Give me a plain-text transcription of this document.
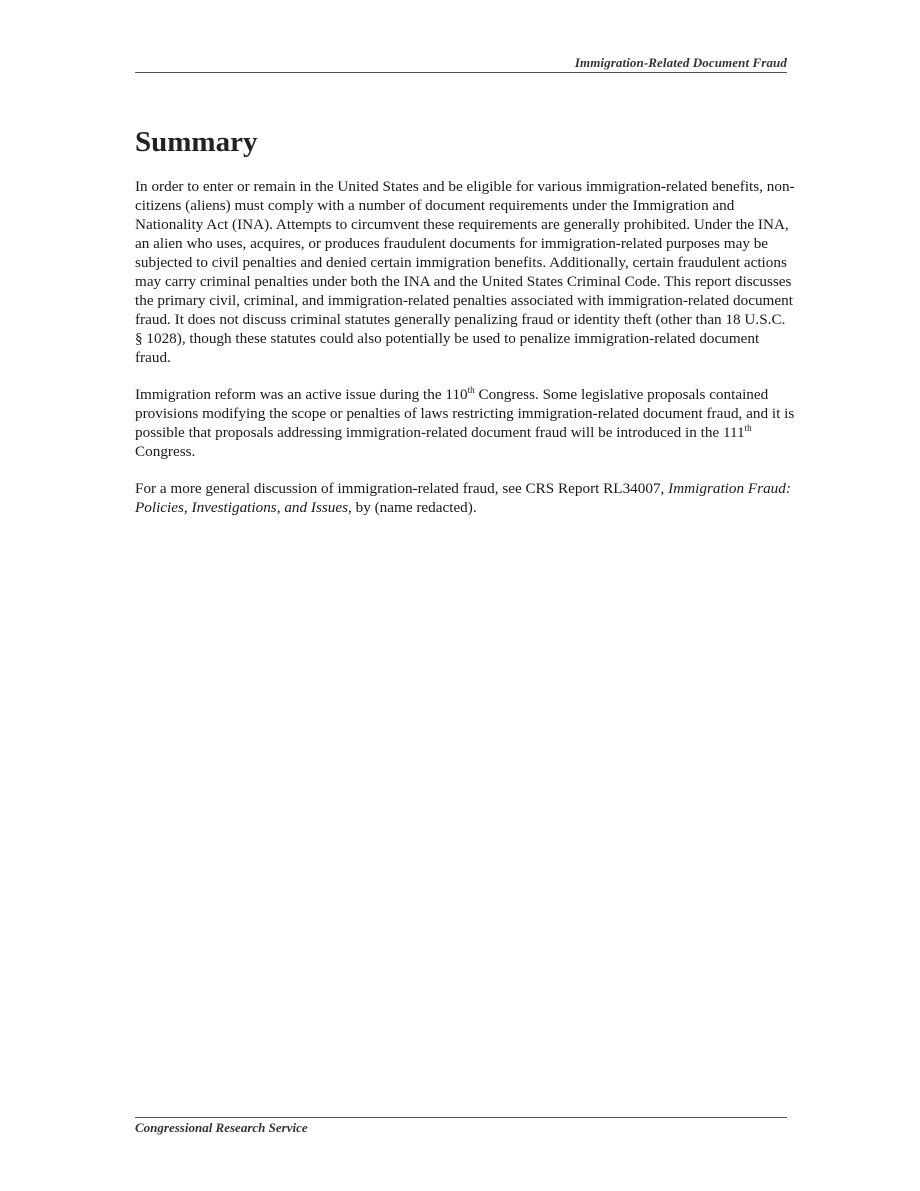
Immigration-Related Document Fraud
Summary

In order to enter or remain in the United States and be eligible for various immigration-related benefits, non-citizens (aliens) must comply with a number of document requirements under the Immigration and Nationality Act (INA). Attempts to circumvent these requirements are generally prohibited. Under the INA, an alien who uses, acquires, or produces fraudulent documents for immigration-related purposes may be subjected to civil penalties and denied certain immigration benefits. Additionally, certain fraudulent actions may carry criminal penalties under both the INA and the United States Criminal Code. This report discusses the primary civil, criminal, and immigration-related penalties associated with immigration-related document fraud. It does not discuss criminal statutes generally penalizing fraud or identity theft (other than 18 U.S.C. § 1028), though these statutes could also potentially be used to penalize immigration-related document fraud.

Immigration reform was an active issue during the 110th Congress. Some legislative proposals contained provisions modifying the scope or penalties of laws restricting immigration-related document fraud, and it is possible that proposals addressing immigration-related document fraud will be introduced in the 111th Congress.

For a more general discussion of immigration-related fraud, see CRS Report RL34007, Immigration Fraud: Policies, Investigations, and Issues, by (name redacted).

Congressional Research Service
